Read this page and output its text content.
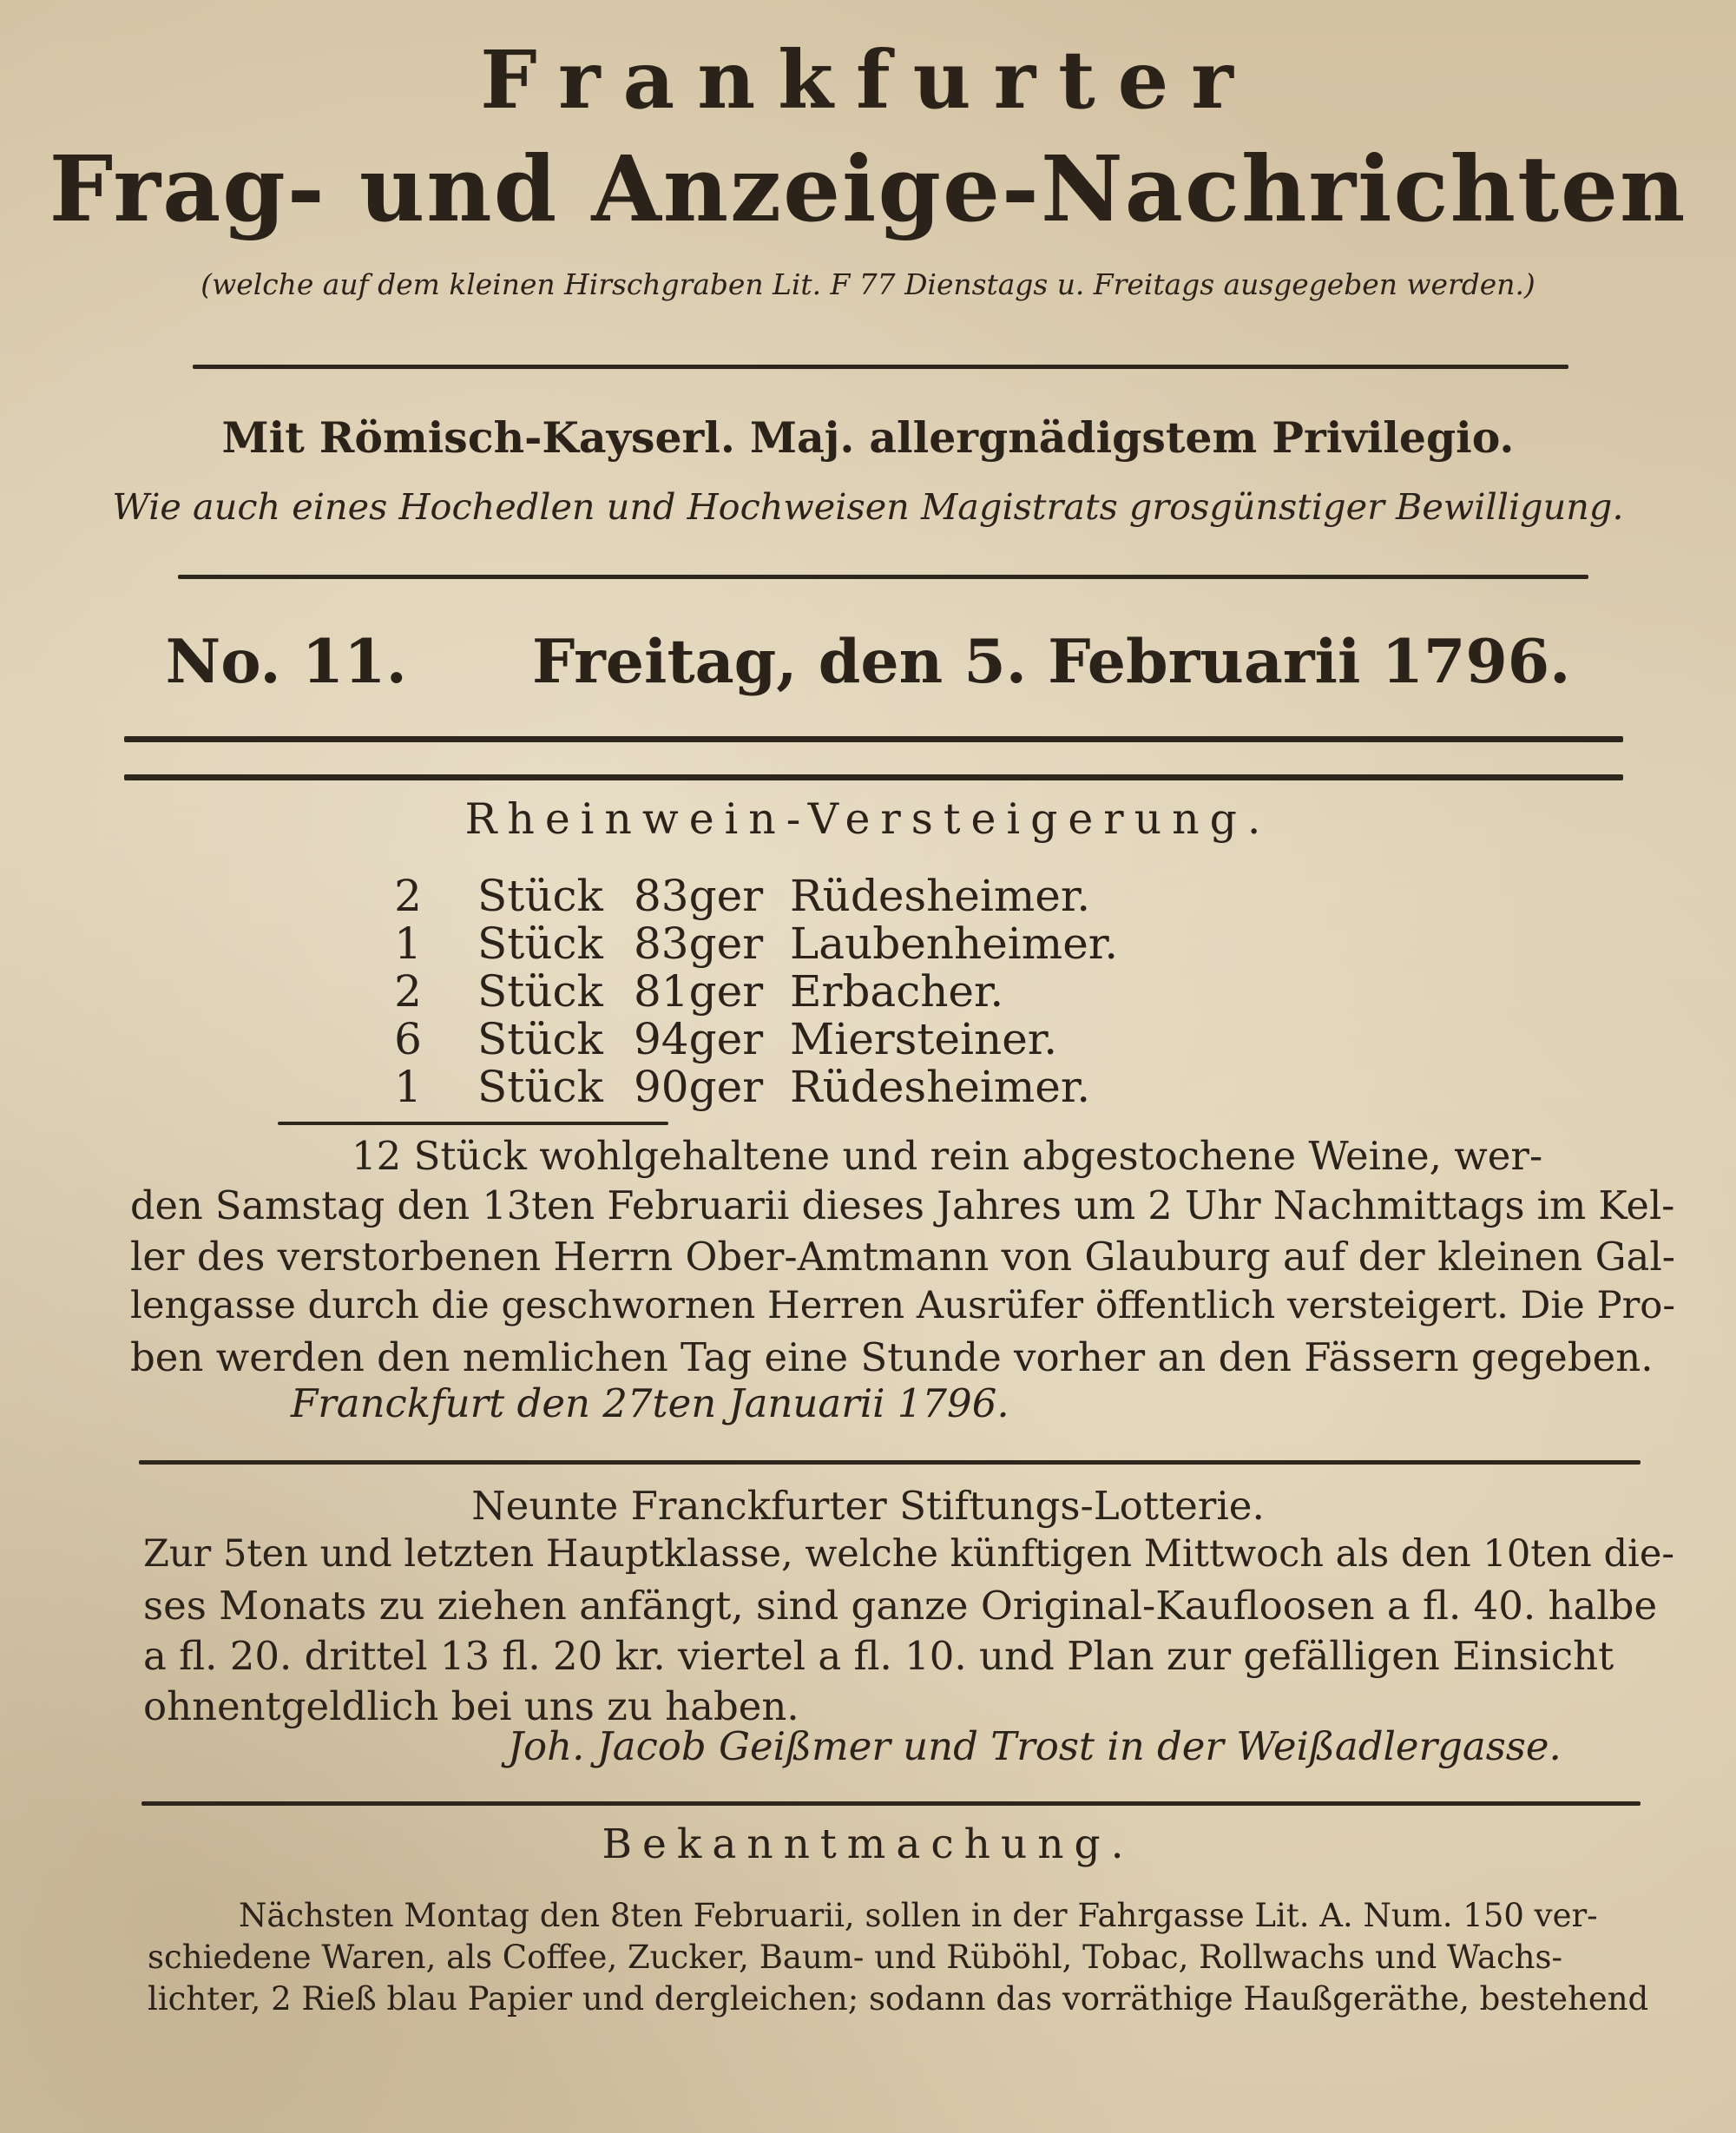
Frankfurter
Frag- und Anzeige-Nachrichten
(welche auf dem kleinen Hirschgraben Lit. F 77 Dienstags u. Freitags ausgegeben werden.)
Mit Römisch-Kayserl. Maj. allergnädigstem Privilegio.
Wie auch eines Hochedlen und Hochweisen Magistrats grosgünstiger Bewilligung.
No. 11. Freitag, den 5. Februarii 1796.
Rheinwein-Versteigerung.
2 Stück 83ger Rüdesheimer.
1 Stück 83ger Laubenheimer.
2 Stück 81ger Erbacher.
6 Stück 94ger Miersteiner.
1 Stück 90ger Rüdesheimer.
12 Stück wohlgehaltene und rein abgestochene Weine, wer-
den Samstag den 13ten Februarii dieses Jahres um 2 Uhr Nachmittags im Kel-
ler des verstorbenen Herrn Ober-Amtmann von Glauburg auf der kleinen Gal-
lengasse durch die geschwornen Herren Ausrüfer öffentlich versteigert. Die Pro-
ben werden den nemlichen Tag eine Stunde vorher an den Fässern gegeben.
Franckfurt den 27ten Januarii 1796.
Neunte Franckfurter Stiftungs-Lotterie.
Zur 5ten und letzten Hauptklasse, welche künftigen Mittwoch als den 10ten die-
ses Monats zu ziehen anfängt, sind ganze Original-Kaufloosen a fl. 40. halbe
a fl. 20. drittel 13 fl. 20 kr. viertel a fl. 10. und Plan zur gefälligen Einsicht
ohnentgeldlich bei uns zu haben.
Joh. Jacob Geißmer und Trost in der Weißadlergasse.
Bekanntmachung.
Nächsten Montag den 8ten Februarii, sollen in der Fahrgasse Lit. A. Num. 150 ver-
schiedene Waren, als Coffee, Zucker, Baum- und Rüböhl, Tobac, Rollwachs und Wachs-
lichter, 2 Rieß blau Papier und dergleichen; sodann das vorräthige Haußgeräthe, bestehend
